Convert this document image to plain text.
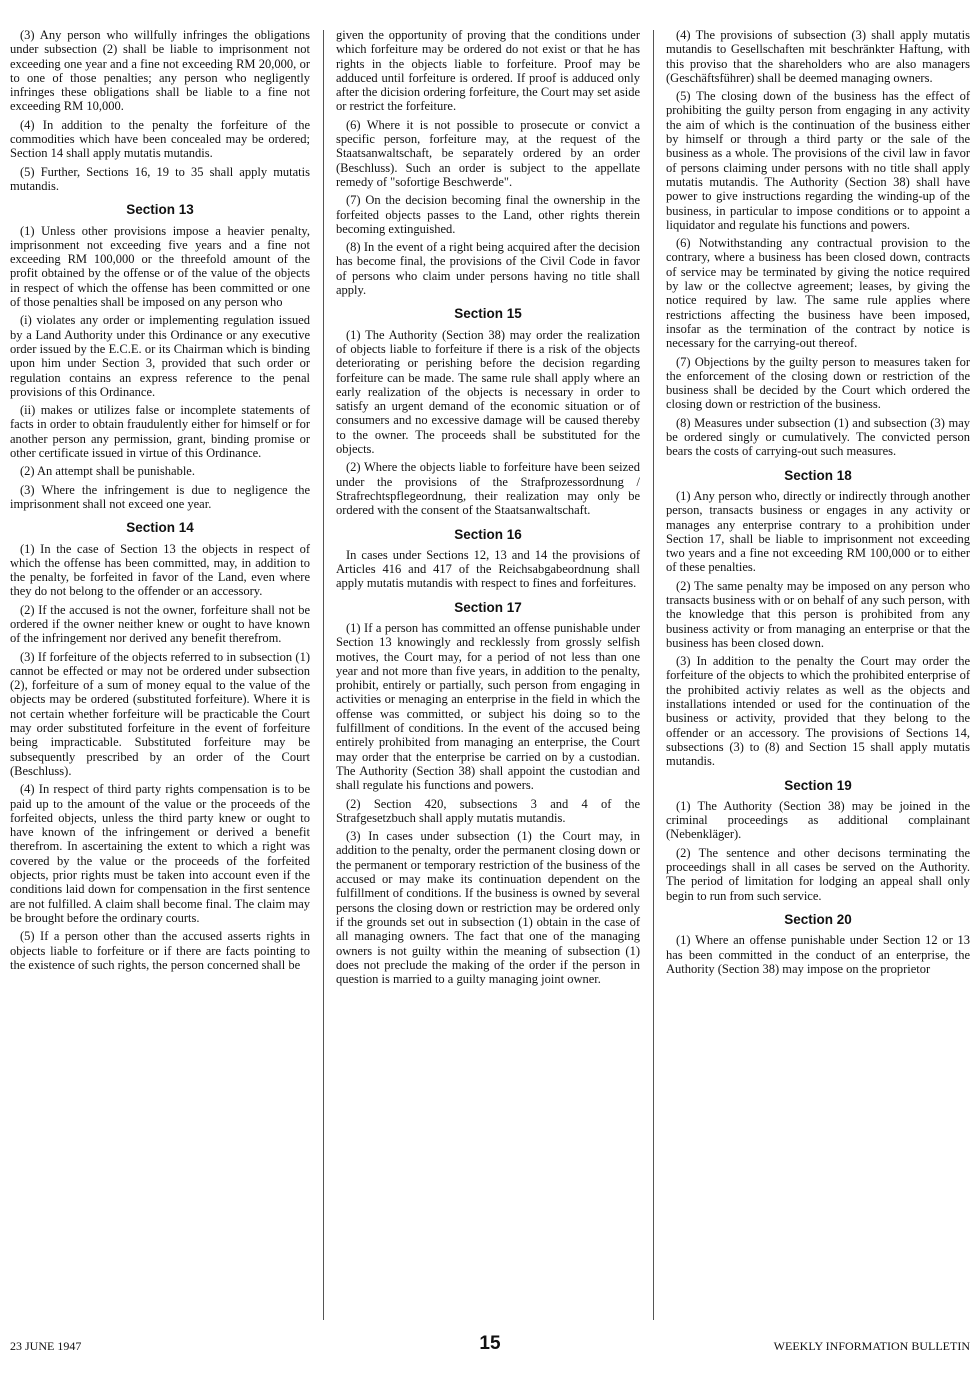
(3) Any person who willfully infringes the obligations under subsection (2) shall be liable to imprisonment not exceeding one year and a fine not exceeding RM 20,000, or to one of those penalties; any person who negligently infringes these obligations shall be liable to a fine not exceeding RM 10,000.

(4) In addition to the penalty the forfeiture of the commodities which have been concealed may be ordered; Section 14 shall apply mutatis mutandis.

(5) Further, Sections 16, 19 to 35 shall apply mutatis mutandis.

Section 13

(1) Unless other provisions impose a heavier penalty, imprisonment not exceeding five years and a fine not exceeding RM 100,000 or the threefold amount of the profit obtained by the offense or of the value of the objects in respect of which the offense has been committed or one of those penalties shall be imposed on any person who

(i) violates any order or implementing regulation issued by a Land Authority under this Ordinance or any executive order issued by the E.C.E. or its Chairman which is binding upon him under Section 3, provided that such order or regulation contains an express reference to the penal provisions of this Ordinance.

(ii) makes or utilizes false or incomplete statements of facts in order to obtain fraudulently either for himself or for another person any permission, grant, binding promise or other certificate issued in virtue of this Ordinance.

(2) An attempt shall be punishable.

(3) Where the infringement is due to negligence the imprisonment shall not exceed one year.

Section 14

(1) In the case of Section 13 the objects in respect of which the offense has been committed, may, in addition to the penalty, be forfeited in favor of the Land, even where they do not belong to the offender or an accessory.

(2) If the accused is not the owner, forfeiture shall not be ordered if the owner neither knew or ought to have known of the infringement nor derived any benefit therefrom.

(3) If forfeiture of the objects referred to in subsection (1) cannot be effected or may not be ordered under subsection (2), forfeiture of a sum of money equal to the value of the objects may be ordered (substituted forfeiture). Where it is not certain whether forfeiture will be practicable the Court may order substituted forfeiture in the event of forfeiture being impracticable. Substituted forfeiture may be subsequently prescribed by an order of the Court (Beschluss).

(4) In respect of third party rights compensation is to be paid up to the amount of the value or the proceeds of the forfeited objects, unless the third party knew or ought to have known of the infringement or derived a benefit therefrom. In ascertaining the extent to which a right was covered by the value or the proceeds of the forfeited objects, prior rights must be taken into account even if the conditions laid down for compensation in the first sentence are not fulfilled. A claim shall become final. The claim may be brought before the ordinary courts.

(5) If a person other than the accused asserts rights in objects liable to forfeiture or if there are facts pointing to the existence of such rights, the person concerned shall be

given the opportunity of proving that the conditions under which forfeiture may be ordered do not exist or that he has rights in the objects liable to forfeiture. Proof may be adduced until forfeiture is ordered. If proof is adduced only after the dicision ordering forfeiture, the Court may set aside or restrict the forfeiture.

(6) Where it is not possible to prosecute or convict a specific person, forfeiture may, at the request of the Staatsanwaltschaft, be separately ordered by an order (Beschluss). Such an order is subject to the appellate remedy of "sofortige Beschwerde".

(7) On the decision becoming final the ownership in the forfeited objects passes to the Land, other rights therein becoming extinguished.

(8) In the event of a right being acquired after the decision has become final, the provisions of the Civil Code in favor of persons who claim under persons having no title shall apply.

Section 15

(1) The Authority (Section 38) may order the realization of objects liable to forfeiture if there is a risk of the objects deteriorating or perishing before the decision regarding forfeiture can be made. The same rule shall apply where an early realization of the objects is necessary in order to satisfy an urgent demand of the economic situation or of consumers and no excessive damage will be caused thereby to the owner. The proceeds shall be substituted for the objects.

(2) Where the objects liable to forfeiture have been seized under the provisions of the Strafprozessordnung / Strafrechtspflegeordnung, their realization may only be ordered with the consent of the Staatsanwaltschaft.

Section 16

In cases under Sections 12, 13 and 14 the provisions of Articles 416 and 417 of the Reichsabgabeordnung shall apply mutatis mutandis with respect to fines and forfeitures.

Section 17

(1) If a person has committed an offense punishable under Section 13 knowingly and recklessly from grossly selfish motives, the Court may, for a period of not less than one year and not more than five years, in addition to the penalty, prohibit, entirely or partially, such person from engaging in activities or menaging an enterprise in the field in which the offense was committed, or subject his doing so to the fulfillment of conditions. In the event of the accused being entirely prohibited from managing an enterprise, the Court may order that the enterprise be carried on by a custodian. The Authority (Section 38) shall appoint the custodian and shall regulate his functions and powers.

(2) Section 420, subsections 3 and 4 of the Strafgesetzbuch shall apply mutatis mutandis.

(3) In cases under subsection (1) the Court may, in addition to the penalty, order the permanent closing down or the permanent or temporary restriction of the business of the accused or may make its continuation dependent on the fulfillment of conditions. If the business is owned by several persons the closing down or restriction may be ordered only if the grounds set out in subsection (1) obtain in the case of all managing owners. The fact that one of the managing owners is not guilty within the meaning of subsection (1) does not preclude the making of the order if the person in question is married to a guilty managing joint owner.

(4) The provisions of subsection (3) shall apply mutatis mutandis to Gesellschaften mit beschränkter Haftung, with this proviso that the shareholders who are also managers (Geschäftsführer) shall be deemed managing owners.

(5) The closing down of the business has the effect of prohibiting the guilty person from engaging in any activity the aim of which is the continuation of the business either by himself or through a third party or the sale of the business as a whole. The provisions of the civil law in favor of persons claiming under persons with no title shall apply mutatis mutandis. The Authority (Section 38) shall have power to give instructions regarding the winding-up of the business, in particular to impose conditions or to appoint a liquidator and regulate his functions and powers.

(6) Notwithstanding any contractual provision to the contrary, where a business has been closed down, contracts of service may be terminated by giving the notice required by law or the collectve agreement; leases, by giving the notice required by law. The same rule applies where restrictions affecting the business have been imposed, insofar as the termination of the contract by notice is necessary for the carrying-out thereof.

(7) Objections by the guilty person to measures taken for the enforcement of the closing down or restriction of the business shall be decided by the Court which ordered the closing down or restriction of the business.

(8) Measures under subsection (1) and subsection (3) may be ordered singly or cumulatively. The convicted person bears the costs of carrying-out such measures.

Section 18

(1) Any person who, directly or indirectly through another person, transacts business or engages in any activity or manages any enterprise contrary to a prohibition under Section 17, shall be liable to imprisonment not exceeding two years and a fine not exceeding RM 100,000 or to either of these penalties.

(2) The same penalty may be imposed on any person who transacts business with or on behalf of any such person, with the knowledge that this person is prohibited from any business activity or from managing an enterprise or that the business has been closed down.

(3) In addition to the penalty the Court may order the forfeiture of the objects to which the prohibited enterprise of the prohibited activiy relates as well as the objects and installations intended or used for the continuation of the business or activity, provided that they belong to the offender or an accessory. The provisions of Sections 14, subsections (3) to (8) and Section 15 shall apply mutatis mutandis.

Section 19

(1) The Authority (Section 38) may be joined in the criminal proceedings as additional complainant (Nebenkläger).

(2) The sentence and other decisons terminating the proceedings shall in all cases be served on the Authority. The period of limitation for lodging an appeal shall only begin to run from such service.

Section 20

(1) Where an offense punishable under Section 12 or 13 has been committed in the conduct of an enterprise, the Authority (Section 38) may impose on the proprietor

23 JUNE 1947	15	WEEKLY INFORMATION BULLETIN
